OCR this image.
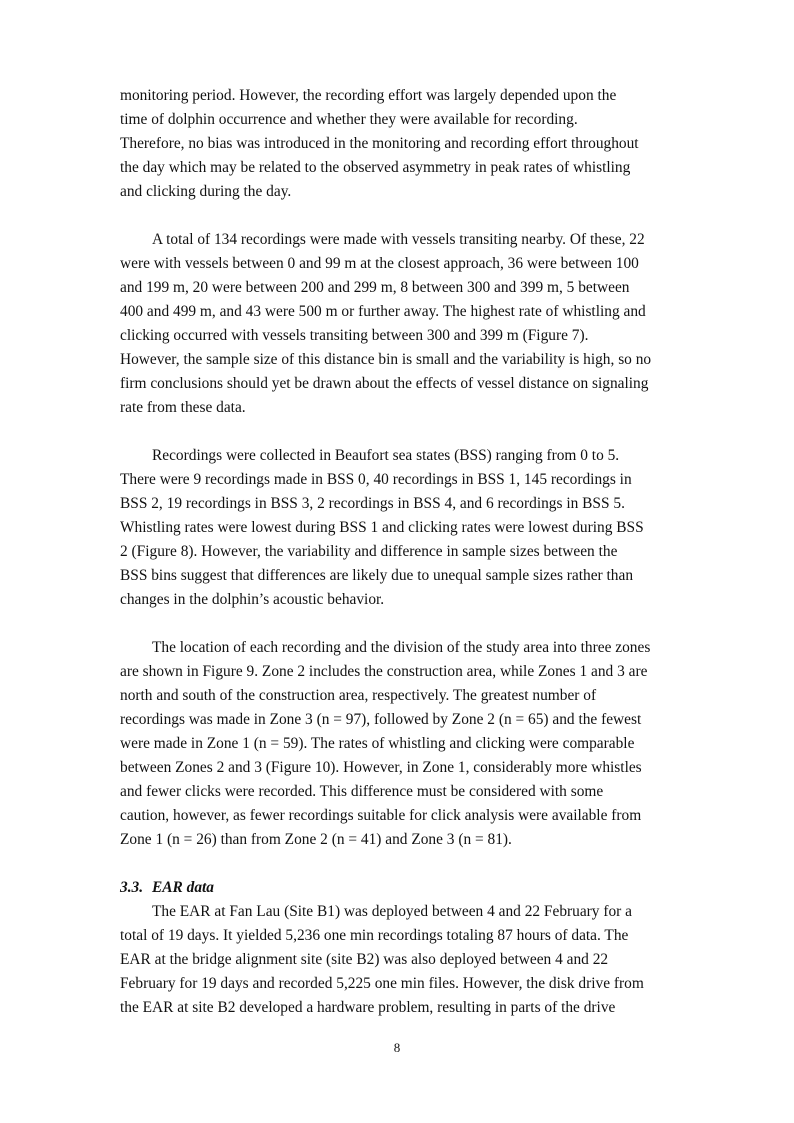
monitoring period. However, the recording effort was largely depended upon the
time of dolphin occurrence and whether they were available for recording.
Therefore, no bias was introduced in the monitoring and recording effort throughout
the day which may be related to the observed asymmetry in peak rates of whistling
and clicking during the day.

A total of 134 recordings were made with vessels transiting nearby. Of these, 22
were with vessels between 0 and 99 m at the closest approach, 36 were between 100
and 199 m, 20 were between 200 and 299 m, 8 between 300 and 399 m, 5 between
400 and 499 m, and 43 were 500 m or further away. The highest rate of whistling and
clicking occurred with vessels transiting between 300 and 399 m (Figure 7).
However, the sample size of this distance bin is small and the variability is high, so no
firm conclusions should yet be drawn about the effects of vessel distance on signaling
rate from these data.

Recordings were collected in Beaufort sea states (BSS) ranging from 0 to 5.
There were 9 recordings made in BSS 0, 40 recordings in BSS 1, 145 recordings in
BSS 2, 19 recordings in BSS 3, 2 recordings in BSS 4, and 6 recordings in BSS 5.
Whistling rates were lowest during BSS 1 and clicking rates were lowest during BSS
2 (Figure 8). However, the variability and difference in sample sizes between the
BSS bins suggest that differences are likely due to unequal sample sizes rather than
changes in the dolphin’s acoustic behavior.

The location of each recording and the division of the study area into three zones
are shown in Figure 9. Zone 2 includes the construction area, while Zones 1 and 3 are
north and south of the construction area, respectively. The greatest number of
recordings was made in Zone 3 (n = 97), followed by Zone 2 (n = 65) and the fewest
were made in Zone 1 (n = 59). The rates of whistling and clicking were comparable
between Zones 2 and 3 (Figure 10). However, in Zone 1, considerably more whistles
and fewer clicks were recorded. This difference must be considered with some
caution, however, as fewer recordings suitable for click analysis were available from
Zone 1 (n = 26) than from Zone 2 (n = 41) and Zone 3 (n = 81).

3.3. EAR data

The EAR at Fan Lau (Site B1) was deployed between 4 and 22 February for a
total of 19 days. It yielded 5,236 one min recordings totaling 87 hours of data. The
EAR at the bridge alignment site (site B2) was also deployed between 4 and 22
February for 19 days and recorded 5,225 one min files. However, the disk drive from
the EAR at site B2 developed a hardware problem, resulting in parts of the drive

8
